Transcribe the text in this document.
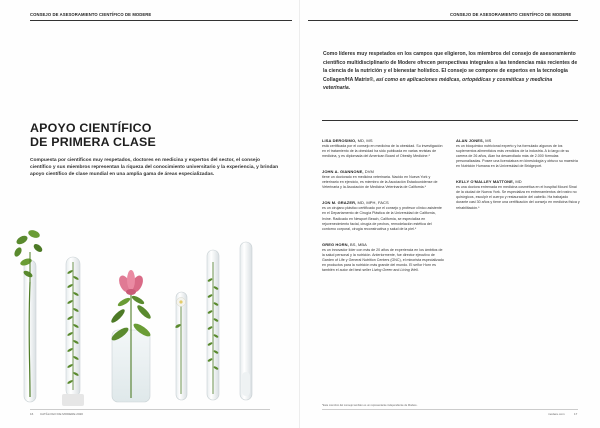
CONSEJO DE ASESORAMIENTO CIENTÍFICO DE MODERE
APOYO CIENTÍFICO
DE PRIMERA CLASE
Compuesta por científicos muy respetados, doctores en medicina y expertos del sector, el consejo científico y sus miembros representan la riqueza del conocimiento universitario y la experiencia, y brindan apoyo científico de clase mundial en una amplia gama de áreas especializadas.
16 CATÁLOGO DE MODERE 2020
CONSEJO DE ASESORAMIENTO CIENTÍFICO DE MODERE
Como líderes muy respetados en los campos que eligieron, los miembros del consejo de asesoramiento científico multidisciplinario de Modere ofrecen perspectivas integrales a las tendencias más recientes de la ciencia de la nutrición y el bienestar holístico. El consejo se compone de expertos en la tecnología Collagen/HA Matrix®, así como en aplicaciones médicas, ortopédicas y cosméticas y medicina veterinaria.
LISA DEROSIMO, MD, MS
está certificada por el consejo en medicina de la obesidad. Su investigación en el tratamiento de la obesidad ha sido publicada en varias revistas de medicina, y es diplomada del American Board of Obesity Medicine.*
JOHN A. GIANNONE, DVM
tiene un doctorado en medicina veterinaria. Nacido en Nueva York y veterinario en ejercicio, es miembro de la Asociación Estadounidense de Veterinaria y la Asociación de Medicina Veterinaria de California.*
JON M. GRAZER, MD, MPH, FACS
es un cirujano plástico certificado por el consejo y profesor clínico asistente en el Departamento de Cirugía Plástica de la Universidad de California, Irvine. Radicado en Newport Beach, California, se especializa en rejuvenecimiento facial, cirugía de pechos, remodelación estética del contorno corporal, cirugía reconstructiva y salud de la piel.*
GREG HORN, BS, MBA
es un innovador líder con más de 20 años de experiencia en los ámbitos de la salud personal y la nutrición. Anteriormente, fue director ejecutivo de Garden of Life y General Nutrition Centers (GNC), el minorista especializado en productos para la nutrición más grande del mundo. El señor Horn es también el autor del best seller Living Green and Living Well.
ALAN JONES, MS
es un bioquímico nutricional experto y ha formulado algunos de los suplementos alimenticios más vendidos de la industria. A lo largo de su carrera de 26 años, Alan ha desarrollado más de 2.000 fórmulas personalizadas. Posee una licenciatura en kinesiología y obtuvo su maestría en Nutrición Humana en la Universidad de Bridgeport.
KELLY O'MALLEY MATTONE, MD
es una doctora entrenada en medicina cosmética en el hospital Mount Sinai de la ciudad de Nueva York. Se especializa en entrenamientos del rostro no quirúrgicos, esculpir el cuerpo y restauración del cabello. Ha trabajado durante casi 30 años y tiene una certificación del consejo en medicina física y rehabilitación.*
*Este miembro del consejo también es un representante independiente de Modere.
modere.com	17
